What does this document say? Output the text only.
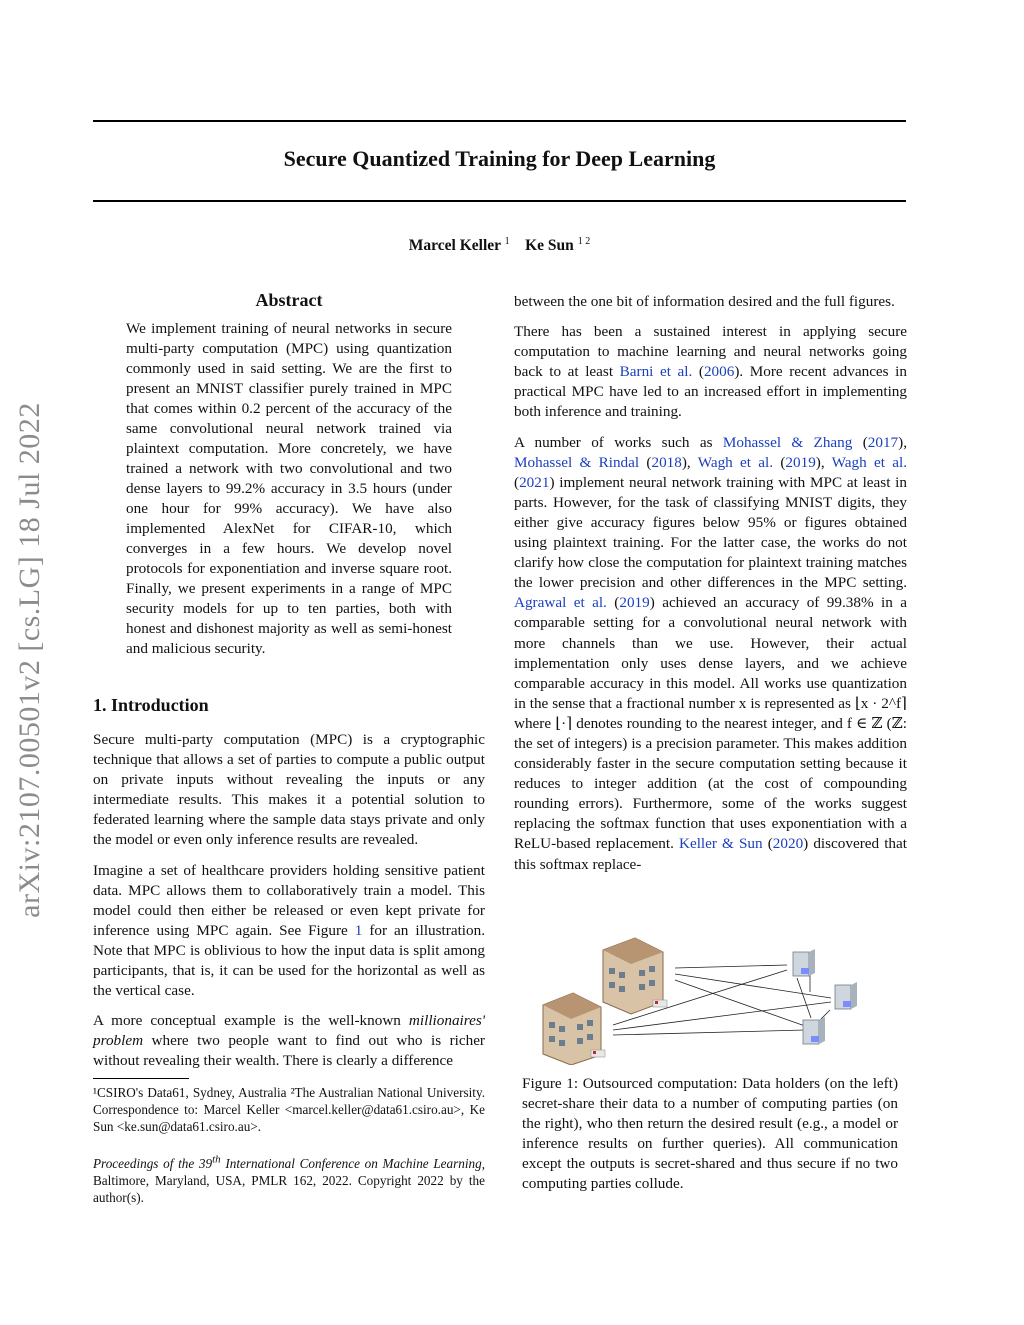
arXiv:2107.00501v2 [cs.LG] 18 Jul 2022
Secure Quantized Training for Deep Learning
Marcel Keller $^1$ Ke Sun $^{1 2}$
Abstract
We implement training of neural networks in secure multi-party computation (MPC) using quantization commonly used in said setting. We are the first to present an MNIST classifier purely trained in MPC that comes within 0.2 percent of the accuracy of the same convolutional neural network trained via plaintext computation. More concretely, we have trained a network with two convolutional and two dense layers to 99.2% accuracy in 3.5 hours (under one hour for 99% accuracy). We have also implemented AlexNet for CIFAR-10, which converges in a few hours. We develop novel protocols for exponentiation and inverse square root. Finally, we present experiments in a range of MPC security models for up to ten parties, both with honest and dishonest majority as well as semi-honest and malicious security.
1. Introduction

Secure multi-party computation (MPC) is a cryptographic technique that allows a set of parties to compute a public output on private inputs without revealing the inputs or any intermediate results. This makes it a potential solution to federated learning where the sample data stays private and only the model or even only inference results are revealed.

Imagine a set of healthcare providers holding sensitive patient data. MPC allows them to collaboratively train a model. This model could then either be released or even kept private for inference using MPC again. See Figure 1 for an illustration. Note that MPC is oblivious to how the input data is split among participants, that is, it can be used for the horizontal as well as the vertical case.

A more conceptual example is the well-known millionaires' problem where two people want to find out who is richer without revealing their wealth. There is clearly a difference

¹CSIRO's Data61, Sydney, Australia ²The Australian National University. Correspondence to: Marcel Keller <marcel.keller@data61.csiro.au>, Ke Sun <ke.sun@data61.csiro.au>.
Proceedings of the 39th International Conference on Machine Learning, Baltimore, Maryland, USA, PMLR 162, 2022. Copyright 2022 by the author(s).

between the one bit of information desired and the full figures.

There has been a sustained interest in applying secure computation to machine learning and neural networks going back to at least Barni et al. (2006). More recent advances in practical MPC have led to an increased effort in implementing both inference and training.

A number of works such as Mohassel & Zhang (2017), Mohassel & Rindal (2018), Wagh et al. (2019), Wagh et al. (2021) implement neural network training with MPC at least in parts. However, for the task of classifying MNIST digits, they either give accuracy figures below 95% or figures obtained using plaintext training. For the latter case, the works do not clarify how close the computation for plaintext training matches the lower precision and other differences in the MPC setting. Agrawal et al. (2019) achieved an accuracy of 99.38% in a comparable setting for a convolutional neural network with more channels than we use. However, their actual implementation only uses dense layers, and we achieve comparable accuracy in this model. All works use quantization in the sense that a fractional number x is represented as ⌊x · 2^f⌉ where ⌊·⌉ denotes rounding to the nearest integer, and f ∈ ℤ (ℤ: the set of integers) is a precision parameter. This makes addition considerably faster in the secure computation setting because it reduces to integer addition (at the cost of compounding rounding errors). Furthermore, some of the works suggest replacing the softmax function that uses exponentiation with a ReLU-based replacement. Keller & Sun (2020) discovered that this softmax replace-

Figure 1: Outsourced computation: Data holders (on the left) secret-share their data to a number of computing parties (on the right), who then return the desired result (e.g., a model or inference results on further queries). All communication except the outputs is secret-shared and thus secure if no two computing parties collude.
